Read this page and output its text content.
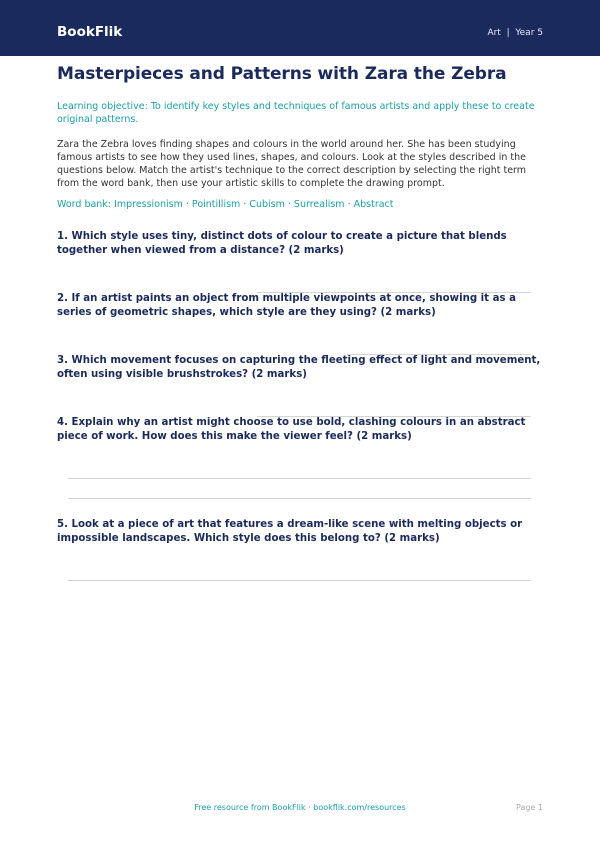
BookFlik	Art | Year 5
Masterpieces and Patterns with Zara the Zebra
Learning objective: To identify key styles and techniques of famous artists and apply these to create original patterns.
Zara the Zebra loves finding shapes and colours in the world around her. She has been studying famous artists to see how they used lines, shapes, and colours. Look at the styles described in the questions below. Match the artist's technique to the correct description by selecting the right term from the word bank, then use your artistic skills to complete the drawing prompt.
Word bank: Impressionism · Pointillism · Cubism · Surrealism · Abstract

1. Which style uses tiny, distinct dots of colour to create a picture that blends together when viewed from a distance? (2 marks)

2. If an artist paints an object from multiple viewpoints at once, showing it as a series of geometric shapes, which style are they using? (2 marks)

3. Which movement focuses on capturing the fleeting effect of light and movement, often using visible brushstrokes? (2 marks)

4. Explain why an artist might choose to use bold, clashing colours in an abstract piece of work. How does this make the viewer feel? (2 marks)

5. Look at a piece of art that features a dream-like scene with melting objects or impossible landscapes. Which style does this belong to? (2 marks)

Free resource from BookFlik · bookflik.com/resources	Page 1
